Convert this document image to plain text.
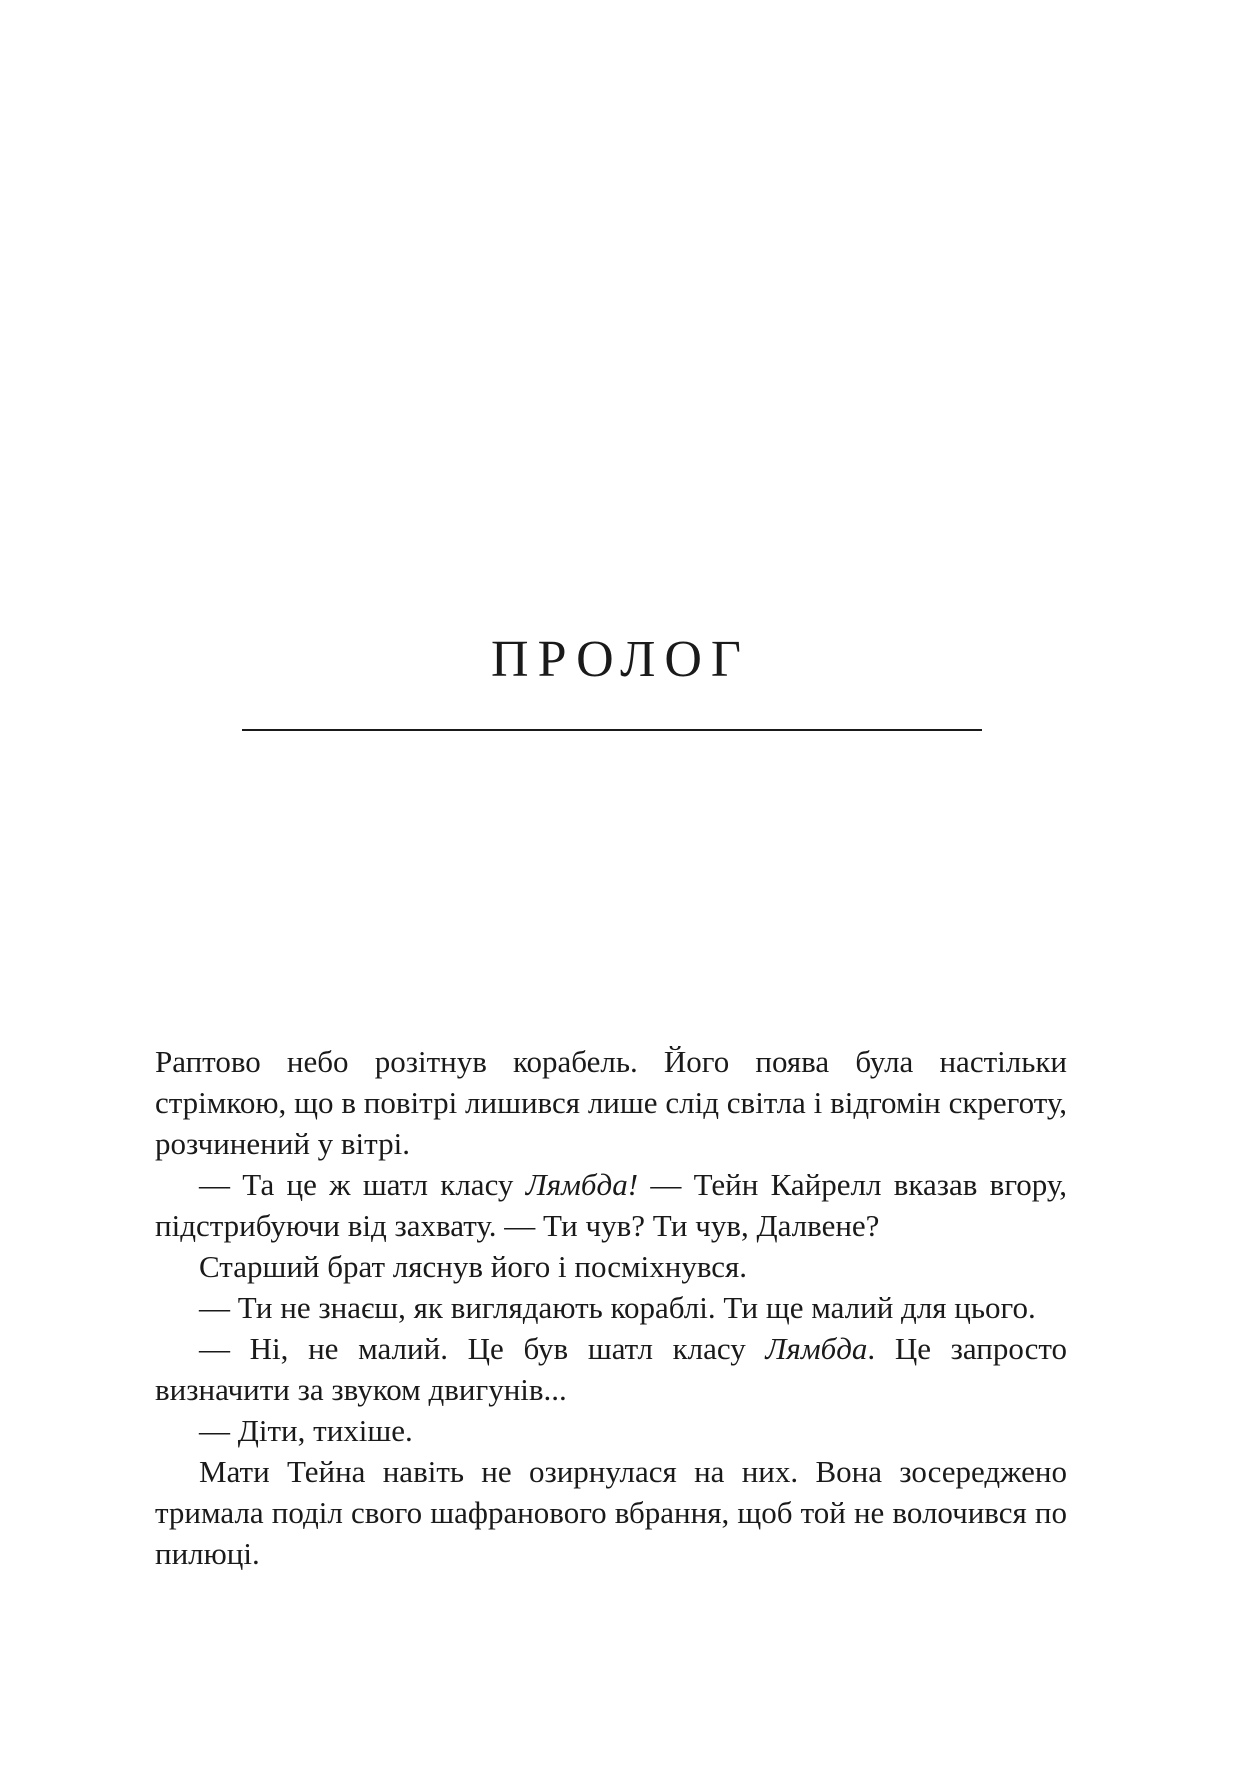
ПРОЛОГ

Раптово небо розітнув корабель. Його поява була настільки стрімкою, що в повітрі лишився лише слід світла і відгомін скреготу, розчинений у вітрі.

— Та це ж шатл класу Лямбда! — Тейн Кайрелл вказав вгору, підстрибуючи від захвату. — Ти чув? Ти чув, Далвене?

Старший брат ляснув його і посміхнувся.

— Ти не знаєш, як виглядають кораблі. Ти ще малий для цього.

— Ні, не малий. Це був шатл класу Лямбда. Це запросто визначити за звуком двигунів...

— Діти, тихіше.

Мати Тейна навіть не озирнулася на них. Вона зосереджено тримала поділ свого шафранового вбрання, щоб той не волочився по пилюці.
